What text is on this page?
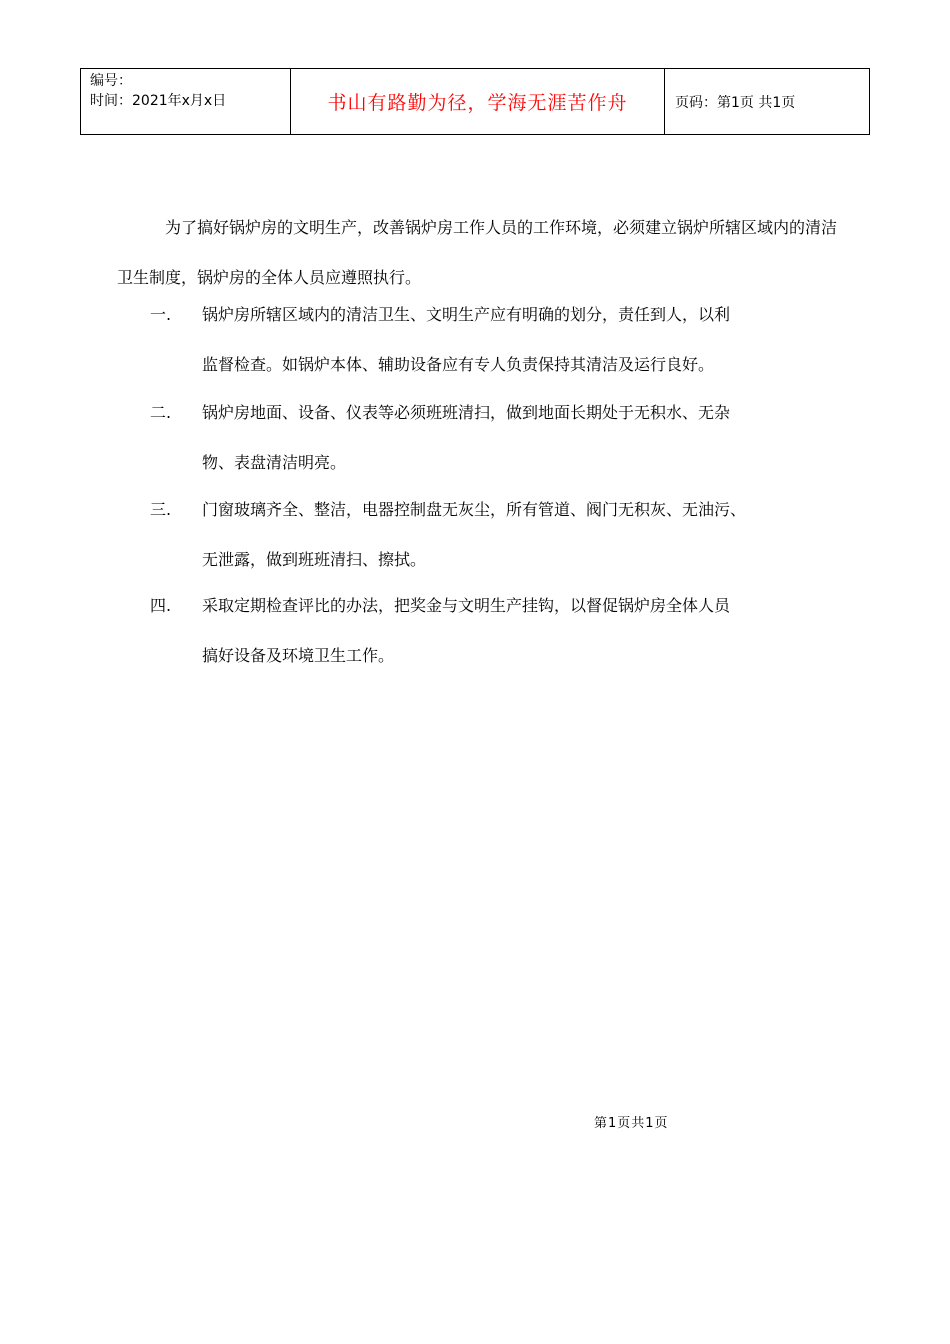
编号：
时间：2021年x月x日	书山有路勤为径，学海无涯苦作舟	页码：第1页 共1页

为了搞好锅炉房的文明生产，改善锅炉房工作人员的工作环境，必须建立锅炉所辖区域内的清洁卫生制度，锅炉房的全体人员应遵照执行。

一. 锅炉房所辖区域内的清洁卫生、文明生产应有明确的划分，责任到人，以利
监督检查。如锅炉本体、辅助设备应有专人负责保持其清洁及运行良好。
二. 锅炉房地面、设备、仪表等必须班班清扫，做到地面长期处于无积水、无杂
物、表盘清洁明亮。
三. 门窗玻璃齐全、整洁，电器控制盘无灰尘，所有管道、阀门无积灰、无油污、
无泄露，做到班班清扫、擦拭。
四. 采取定期检查评比的办法，把奖金与文明生产挂钩，以督促锅炉房全体人员
搞好设备及环境卫生工作。
第1页共1页
